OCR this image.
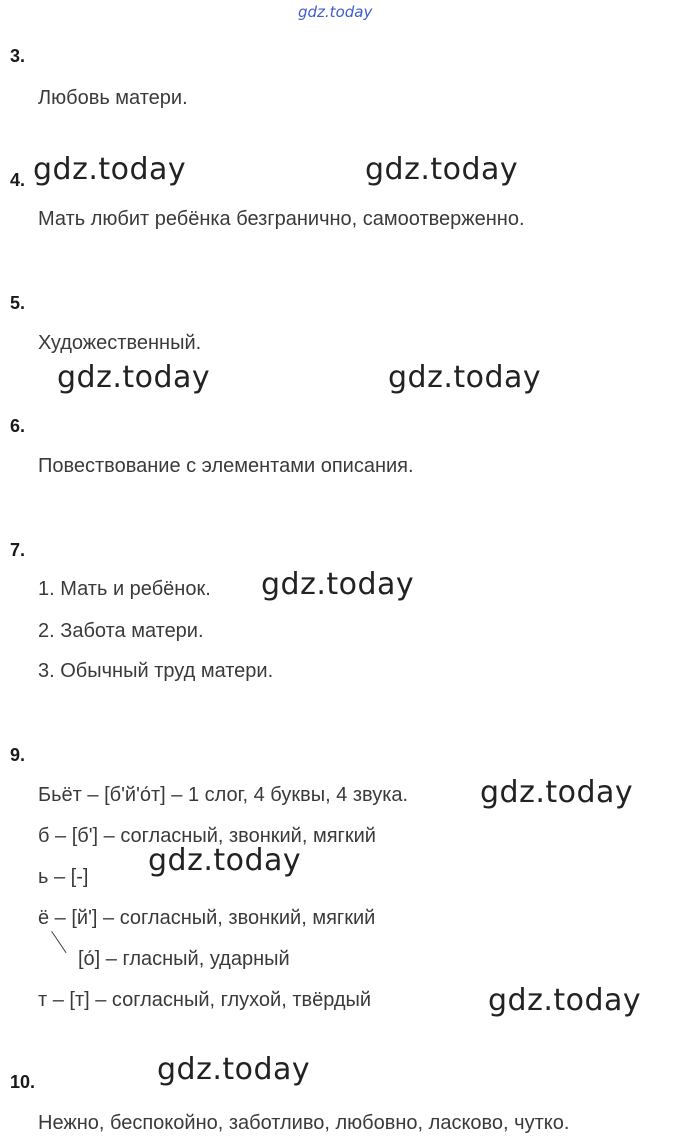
gdz.today
3.
Любовь матери.
4. gdz.today	gdz.today
Мать любит ребёнка безгранично, самоотверженно.
5.
Художественный.
gdz.today	gdz.today
6.
Повествование с элементами описания.
7.
1. Мать и ребёнок. gdz.today
2. Забота матери.
3. Обычный труд матери.
9.
Бьёт – [б'й'о́т] – 1 слог, 4 буквы, 4 звука. gdz.today
б – [б'] – согласный, звонкий, мягкий
gdz.today
ь – [-]
ё – [й'] – согласный, звонкий, мягкий
[о́] – гласный, ударный
т – [т] – согласный, глухой, твёрдый	gdz.today
gdz.today
10.
Нежно, беспокойно, заботливо, любовно, ласково, чутко.
